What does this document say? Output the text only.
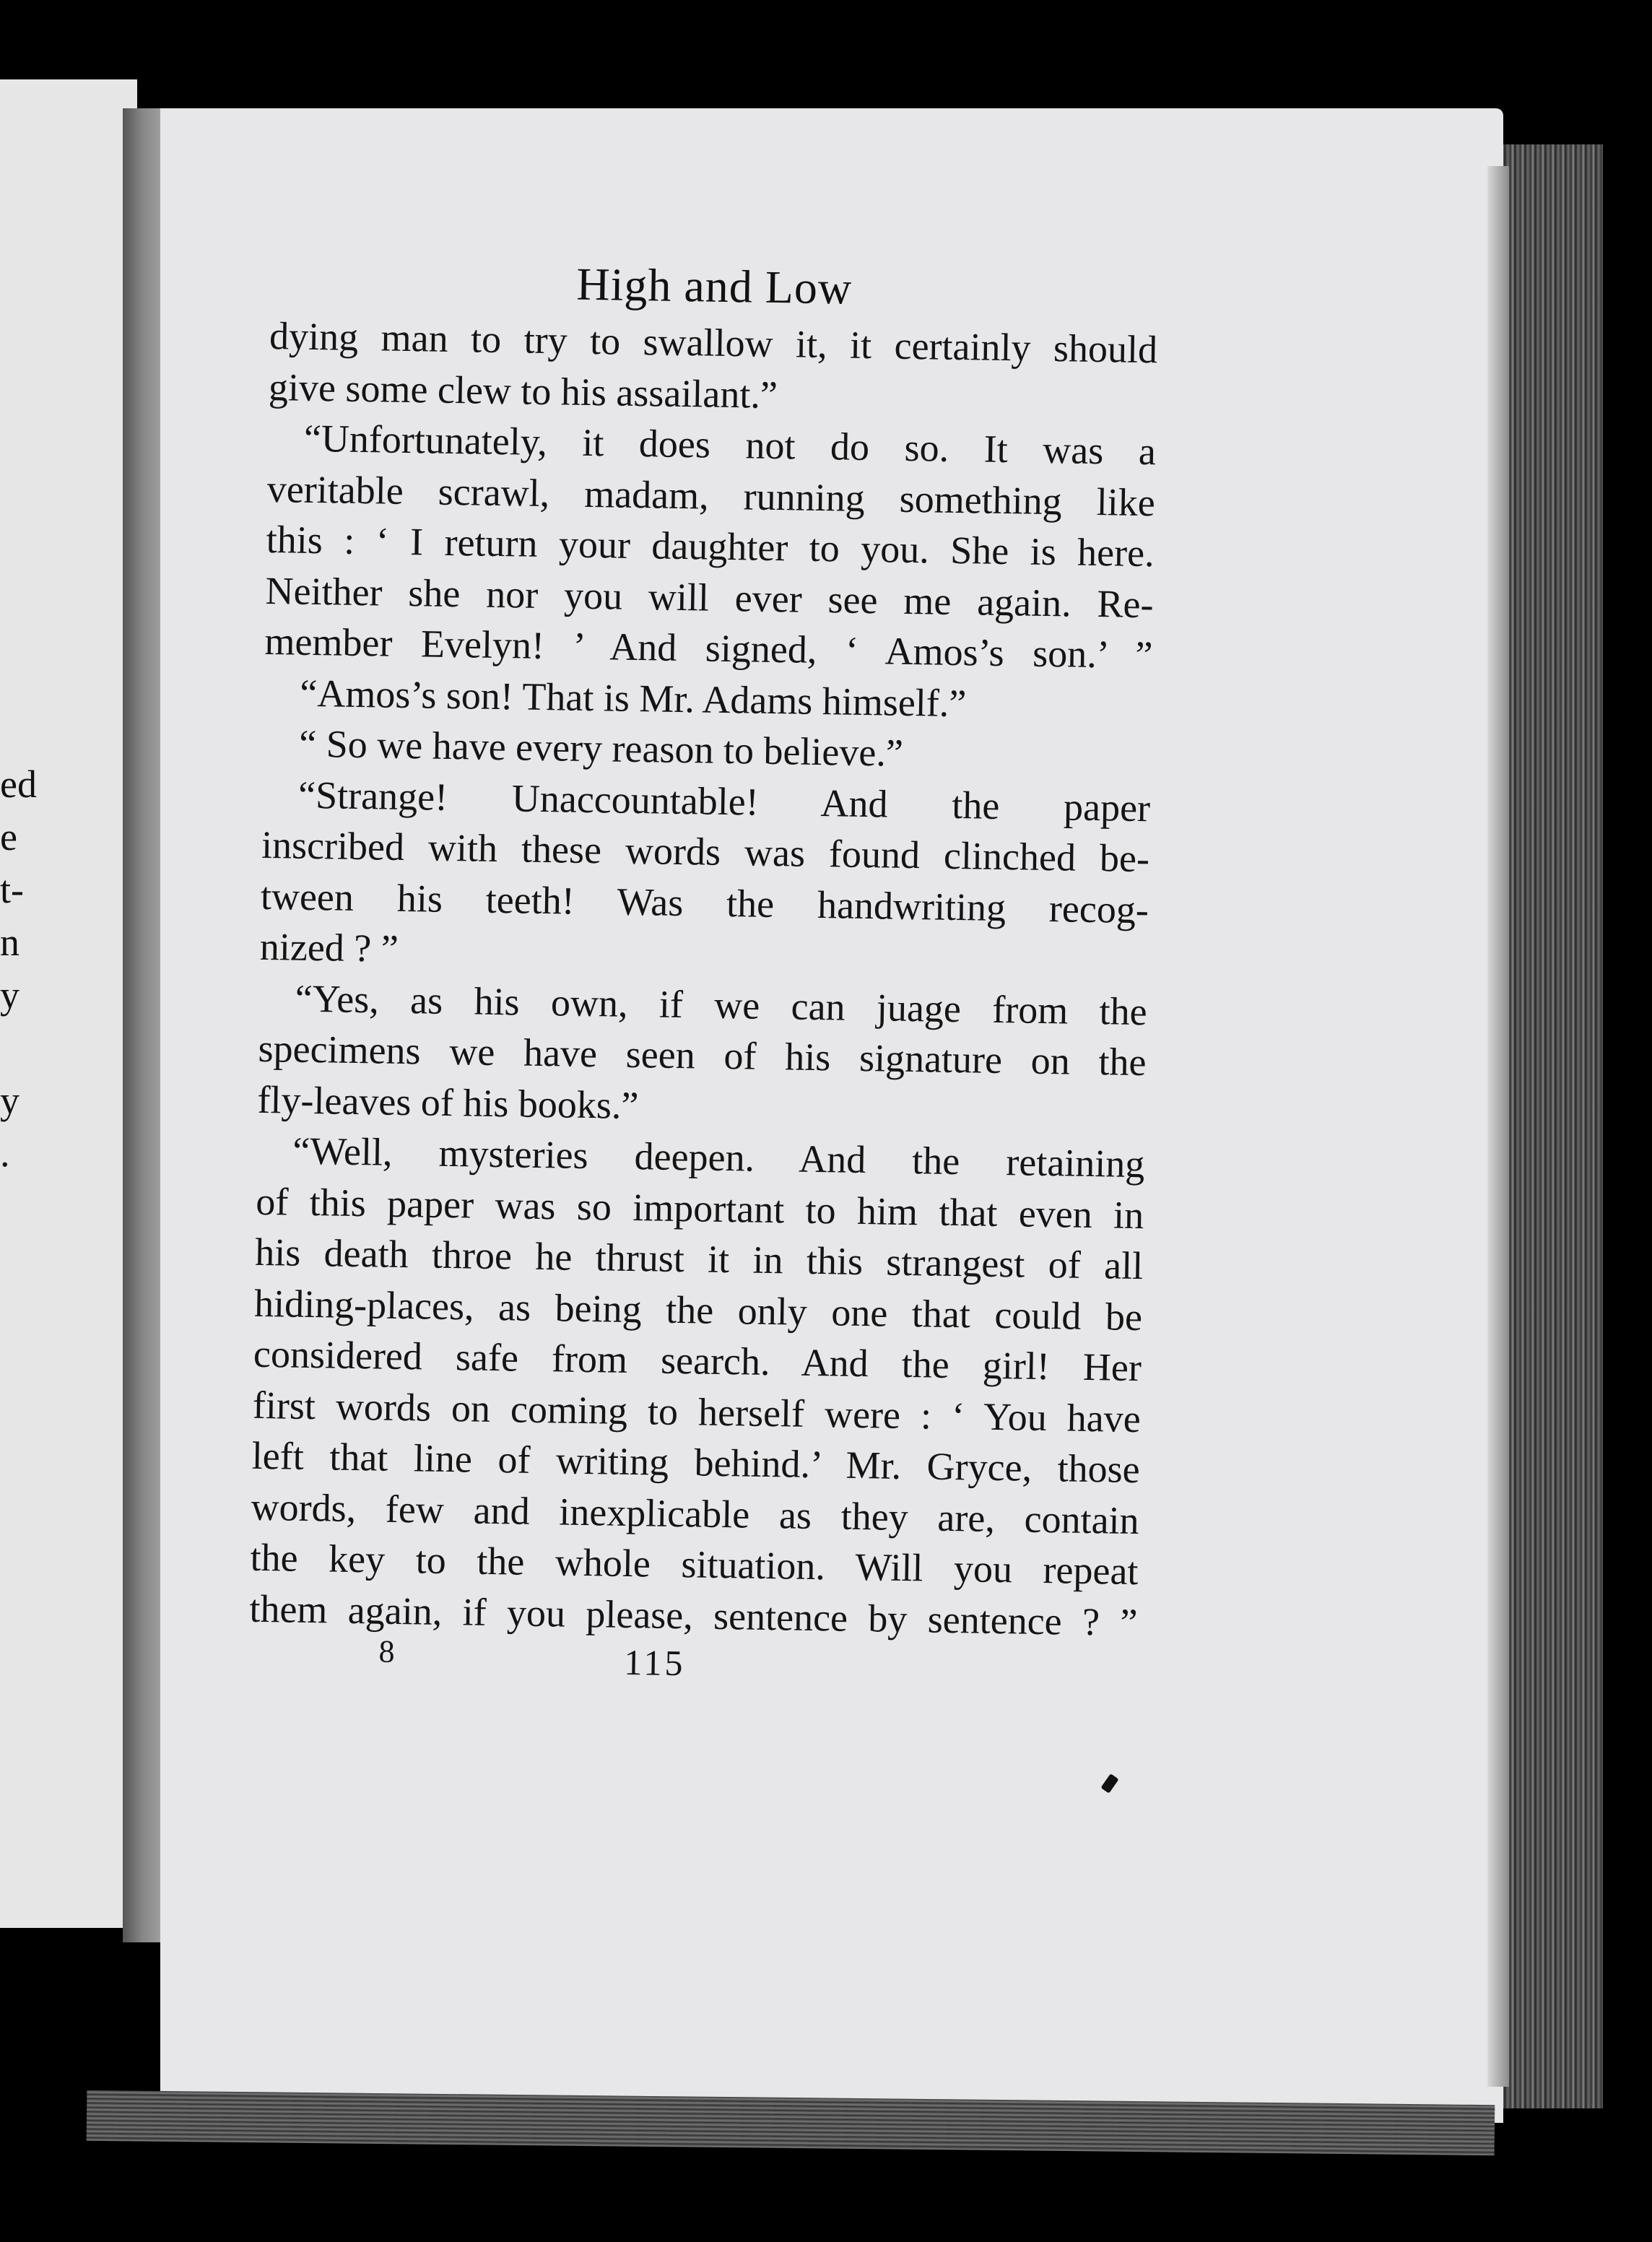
ed
e
t-
n
y
y
.
High and Low
dying man to try to swallow it, it certainly should
give some clew to his assailant.”
“Unfortunately, it does not do so. It was a
veritable scrawl, madam, running something like
this : ‘ I return your daughter to you. She is here.
Neither she nor you will ever see me again. Re-
member Evelyn! ’ And signed, ‘ Amos’s son.’ ”
“Amos’s son! That is Mr. Adams himself.”
“ So we have every reason to believe.”
“Strange! Unaccountable! And the paper
inscribed with these words was found clinched be-
tween his teeth! Was the handwriting recog-
nized ? ”
“Yes, as his own, if we can juage from the
specimens we have seen of his signature on the
fly-leaves of his books.”
“Well, mysteries deepen. And the retaining
of this paper was so important to him that even in
his death throe he thrust it in this strangest of all
hiding-places, as being the only one that could be
considered safe from search. And the girl! Her
first words on coming to herself were : ‘ You have
left that line of writing behind.’ Mr. Gryce, those
words, few and inexplicable as they are, contain
the key to the whole situation. Will you repeat
them again, if you please, sentence by sentence ? ”
8	115
